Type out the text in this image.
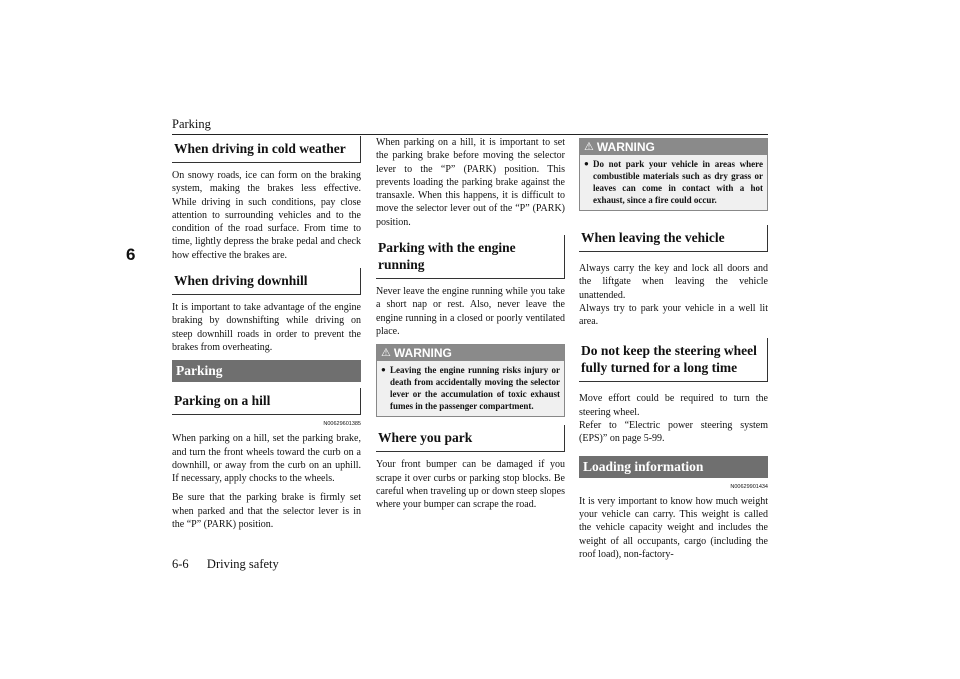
Parking
6
When driving in cold weather

On snowy roads, ice can form on the braking system, making the brakes less effective. While driving in such conditions, pay close attention to surrounding vehicles and to the condition of the road surface. From time to time, lightly depress the brake pedal and check how effective the brakes are.

When driving downhill

It is important to take advantage of the engine braking by downshifting while driving on steep downhill roads in order to prevent the brakes from overheating.

Parking
Parking on a hill
N00629601385

When parking on a hill, set the parking brake, and turn the front wheels toward the curb on a downhill, or away from the curb on an uphill. If necessary, apply chocks to the wheels.

Be sure that the parking brake is firmly set when parked and that the selector lever is in the “P” (PARK) position.

When parking on a hill, it is important to set the parking brake before moving the selector lever to the “P” (PARK) position. This prevents loading the parking brake against the transaxle. When this happens, it is difficult to move the selector lever out of the “P” (PARK) position.

Parking with the engine running

Never leave the engine running while you take a short nap or rest. Also, never leave the engine running in a closed or poorly ventilated place.

⚠ WARNING
● Leaving the engine running risks injury or death from accidentally moving the selector lever or the accumulation of toxic exhaust fumes in the passenger compartment.
Where you park

Your front bumper can be damaged if you scrape it over curbs or parking stop blocks. Be careful when traveling up or down steep slopes where your bumper can scrape the road.

⚠ WARNING
● Do not park your vehicle in areas where combustible materials such as dry grass or leaves can come in contact with a hot exhaust, since a fire could occur.
When leaving the vehicle

Always carry the key and lock all doors and the liftgate when leaving the vehicle unattended.

Always try to park your vehicle in a well lit area.

Do not keep the steering wheel fully turned for a long time

Move effort could be required to turn the steering wheel.

Refer to “Electric power steering system (EPS)” on page 5-99.

Loading information
N00629901434

It is very important to know how much weight your vehicle can carry. This weight is called the vehicle capacity weight and includes the weight of all occupants, cargo (including the roof load), non-factory-

6-6 Driving safety
